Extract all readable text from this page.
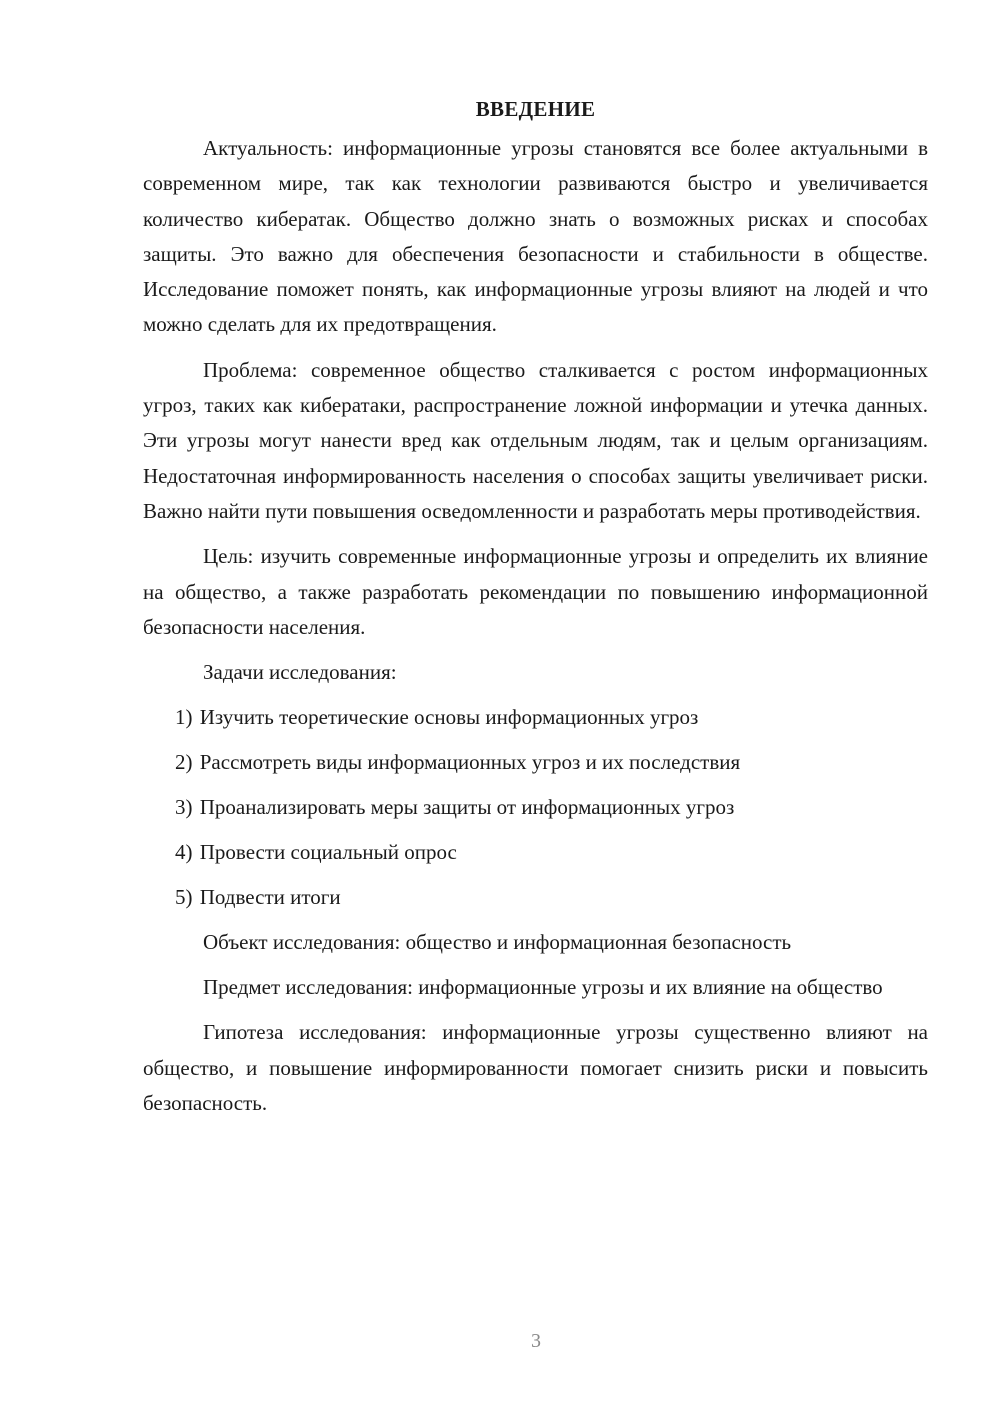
ВВЕДЕНИЕ

Актуальность: информационные угрозы становятся все более актуальными в современном мире, так как технологии развиваются быстро и увеличивается количество кибератак. Общество должно знать о возможных рисках и способах защиты. Это важно для обеспечения безопасности и стабильности в обществе. Исследование поможет понять, как информационные угрозы влияют на людей и что можно сделать для их предотвращения.

Проблема: современное общество сталкивается с ростом информационных угроз, таких как кибератаки, распространение ложной информации и утечка данных. Эти угрозы могут нанести вред как отдельным людям, так и целым организациям. Недостаточная информированность населения о способах защиты увеличивает риски. Важно найти пути повышения осведомленности и разработать меры противодействия.

Цель: изучить современные информационные угрозы и определить их влияние на общество, а также разработать рекомендации по повышению информационной безопасности населения.

Задачи исследования:

1) Изучить теоретические основы информационных угроз
2) Рассмотреть виды информационных угроз и их последствия
3) Проанализировать меры защиты от информационных угроз
4) Провести социальный опрос
5) Подвести итоги

Объект исследования: общество и информационная безопасность

Предмет исследования: информационные угрозы и их влияние на общество

Гипотеза исследования: информационные угрозы существенно влияют на общество, и повышение информированности помогает снизить риски и повысить безопасность.

3
